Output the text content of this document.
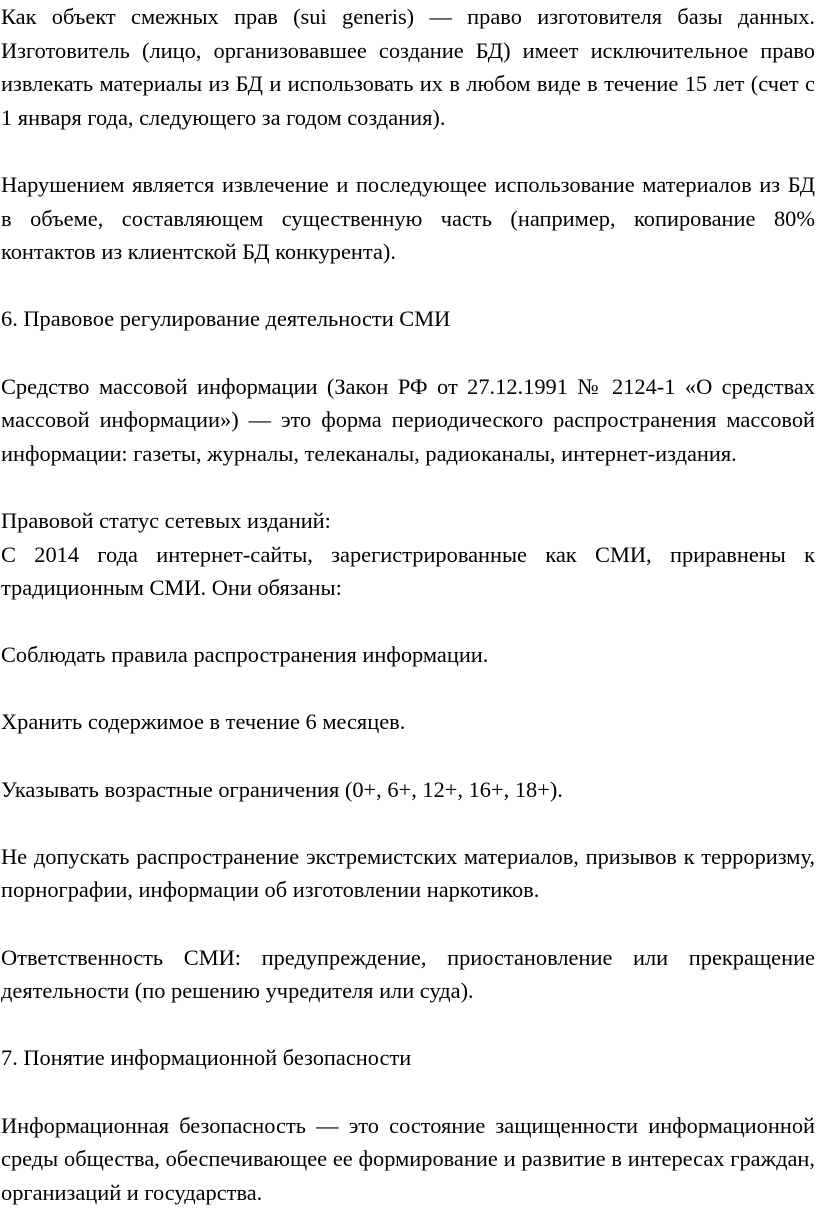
Как объект смежных прав (sui generis) — право изготовителя базы данных. Изготовитель (лицо, организовавшее создание БД) имеет исключительное право извлекать материалы из БД и использовать их в любом виде в течение 15 лет (счет с 1 января года, следующего за годом создания).

Нарушением является извлечение и последующее использование материалов из БД в объеме, составляющем существенную часть (например, копирование 80% контактов из клиентской БД конкурента).

6. Правовое регулирование деятельности СМИ

Средство массовой информации (Закон РФ от 27.12.1991 № 2124-1 «О средствах массовой информации») — это форма периодического распространения массовой информации: газеты, журналы, телеканалы, радиоканалы, интернет-издания.

Правовой статус сетевых изданий:

С 2014 года интернет-сайты, зарегистрированные как СМИ, приравнены к традиционным СМИ. Они обязаны:

Соблюдать правила распространения информации.

Хранить содержимое в течение 6 месяцев.

Указывать возрастные ограничения (0+, 6+, 12+, 16+, 18+).

Не допускать распространение экстремистских материалов, призывов к терроризму, порнографии, информации об изготовлении наркотиков.

Ответственность СМИ: предупреждение, приостановление или прекращение деятельности (по решению учредителя или суда).

7. Понятие информационной безопасности

Информационная безопасность — это состояние защищенности информационной среды общества, обеспечивающее ее формирование и развитие в интересах граждан, организаций и государства.
